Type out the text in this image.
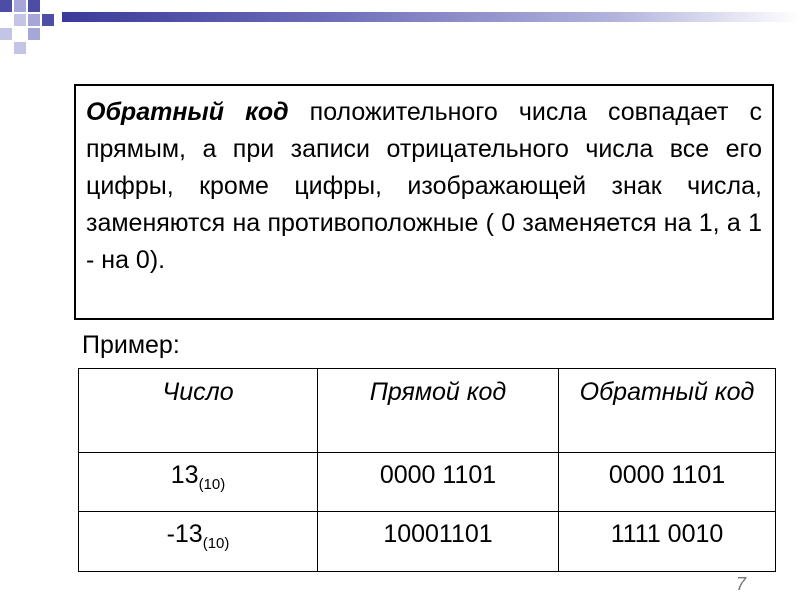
Обратный код положительного числа совпадает с прямым, а при записи отрицательного числа все его цифры, кроме цифры, изображающей знак числа, заменяются на противоположные ( 0 заменяется на 1, а 1 - на 0).
Пример:
Число	Прямой код	Обратный код
$13_{(10)}$	0000 1101	0000 1101
$-13_{(10)}$	10001101	1111 0010
7
